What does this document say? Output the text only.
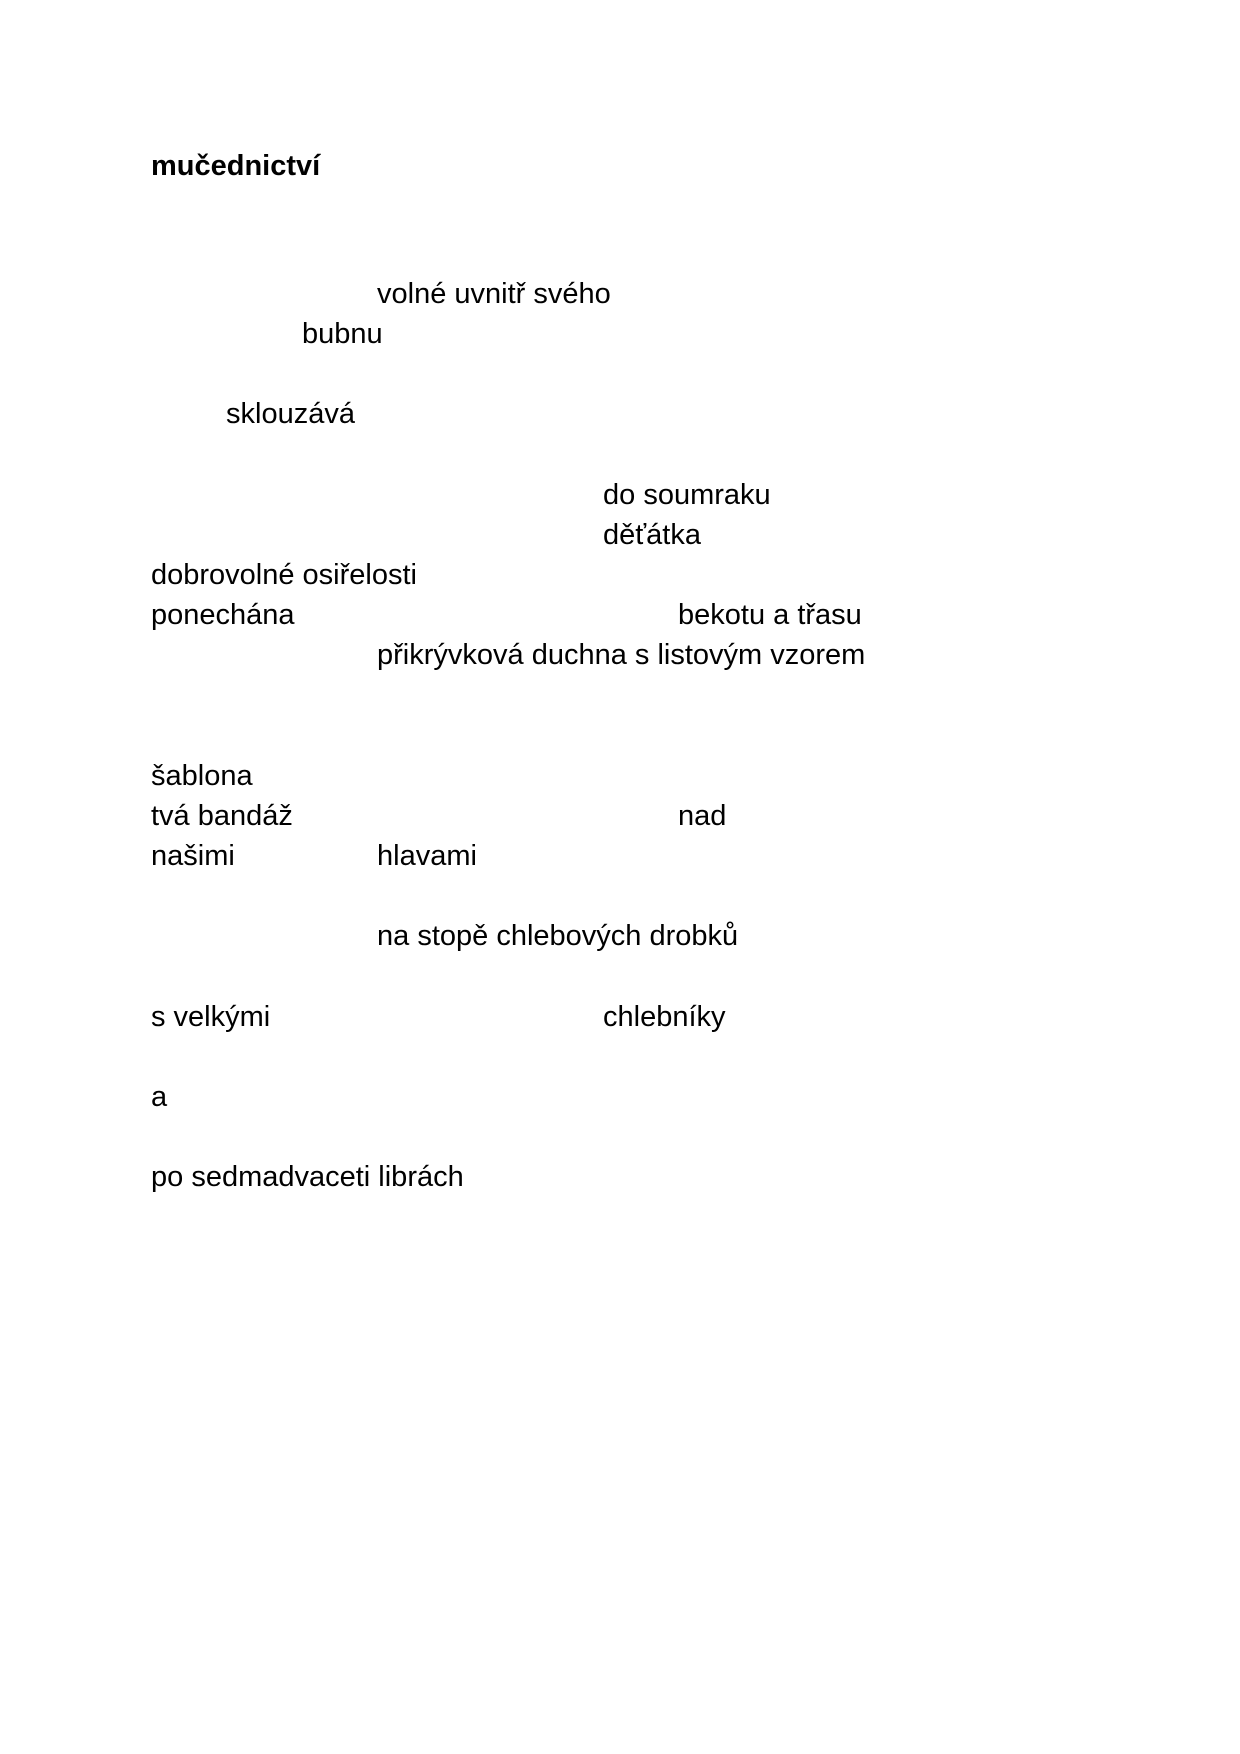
mučednictví
volné uvnitř svého
bubnu
sklouzává
do soumraku
děťátka
dobrovolné osiřelosti
ponechána	bekotu a třasu
přikrývková duchna s listovým vzorem
šablona
tvá bandáž	nad
našimi	hlavami
na stopě chlebových drobků
s velkými	chlebníky
a
po sedmadvaceti librách
